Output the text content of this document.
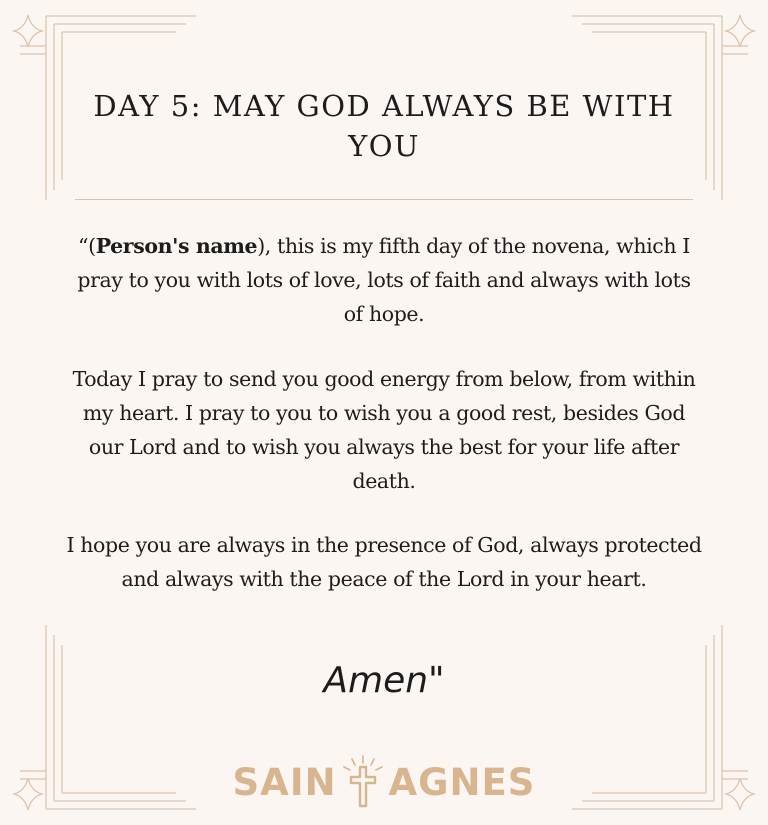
DAY 5: MAY GOD ALWAYS BE WITH YOU

“(Person's name), this is my fifth day of the novena, which I pray to you with lots of love, lots of faith and always with lots of hope.

Today I pray to send you good energy from below, from within my heart. I pray to you to wish you a good rest, besides God our Lord and to wish you always the best for your life after death.

I hope you are always in the presence of God, always protected and always with the peace of the Lord in your heart.

Amen"
SAIN AGNES
